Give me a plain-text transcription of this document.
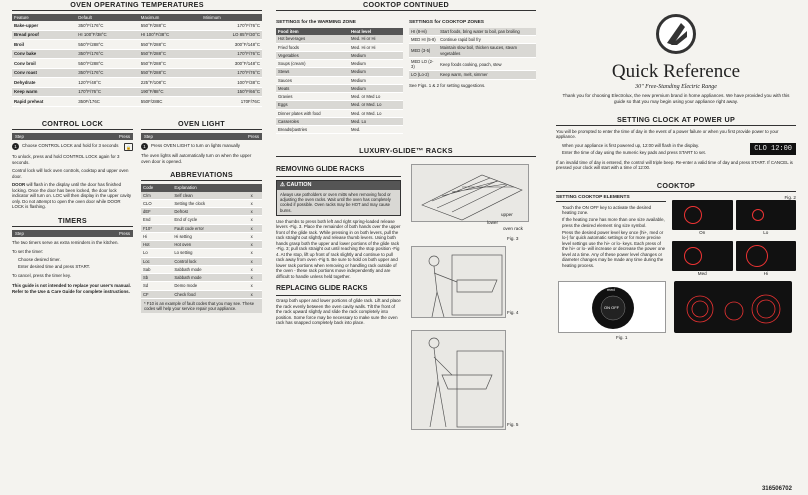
OVEN OPERATING TEMPERATURES
Feature	Default	Maximum	Minimum
Bake-upper	350°F/176°C	550°F/288°C	170°F/76°C
Bread proof	HI 100°F/38°C	HI 100°F/38°C	LO 85°F/30°C
Broil	550°F/288°C	550°F/288°C	300°F/148°C
Conv bake	350°F/176°C	550°F/288°C	170°F/76°C
Conv broil	550°F/288°C	550°F/288°C	300°F/148°C
Conv roast	350°F/176°C	550°F/288°C	170°F/76°C
Dehydrate	120°F/48°C	225°F/108°C	100°F/38°C
Keep warm	170°F/76°C	190°F/88°C	150°F/66°C
Rapid preheat	350F/176C	550F/288C	170F/76C
CONTROL LOCK
Step	Press
1	Choose CONTROL LOCK and hold for 3 seconds	🔒

To unlock, press and hold CONTROL LOCK again for 3 seconds.

Control lock will lock oven controls, cooktop and upper oven door.

DOOR will flash in the display until the door has finished locking. Once the door has been locked, the door lock indicator will turn on. LOC will then display in the upper cavity only. Do not attempt to open the oven door while DOOR LOCK is flashing.

TIMERS
Step	Press

The two timers serve as extra reminders in the kitchen.

To set the timer:

• Choose desired timer.
• Enter desired time and press START.

To cancel, press the timer key.

This guide is not intended to replace your user's manual. Refer to the Use & Care Guide for complete instructions.

OVEN LIGHT
Step	Press
1	Press OVEN LIGHT to turn on lights manually

The oven lights will automatically turn on when the upper oven door is opened.

ABBREVIATIONS
Code	Explanation	
C/m	Self clean	x
CLO	Setting the clock	x
dEF	Defrost	x
End	End of cycle	x
F10*	Fault code error	x
Hi	Hi setting	x
Hot	Hot oven	x
Lo	Lo setting	x
Loc	Control lock	x
Sab	Sabbath mode	x
Sb	Sabbath mode	x
Sd	Demo mode	x
CF	Check food	x
* F10 is an example of fault codes that you may see. These codes will help your service repair your appliance.
COOKTOP CONTINUED
SETTINGS for the WARMING ZONE
Food item	Heat level
Hot beverages	Med. Hi or Hi
Fried foods	Med. Hi or Hi
Vegetables	Medium
Soups (cream)	Medium
Stews	Medium
Sauces	Medium
Meats	Medium
Gravies	Med. or Med Lo
Eggs	Med. or Med. Lo
Dinner plates with food	Med. or Med. Lo
Casseroles	Med. Lo
Breads/pastries	Med.
SETTINGS for COOKTOP ZONES
HI (8-Hi)	Start foods, bring water to boil, pan broiling
MED HI (5-8)	Continue rapid boil fry
MED (3-5)	Maintain slow boil, thicken sauces, steam vegetables
MED LO (2-3)	Keep foods cooking, poach, stew
LO (Lo-2)	Keep warm, melt, simmer

See Figs. 1 & 2 for setting suggestions.

LUXURY-GLIDE™ RACKS
REMOVING GLIDE RACKS
⚠ CAUTION
Always use potholders or oven mitts when removing food or adjusting the oven racks. Wait until the oven has completely cooled if possible. Oven racks may be HOT and may cause burns.

Use thumbs to press both left and right spring-loaded release levers -Fig. 3. Place the remainder of both hands over the upper front of the glide rack. While pressing in on both levers, pull the rack straight out slightly and release thumb levers. Using both hands grasp both the upper and lower portions of the glide rack -Fig. 3; pull rack straight out until reaching the stop position -Fig 4. At the stop, lift up front of rack slightly and continue to pull rack away from oven -Fig 5. Be sure to hold on both upper and lower rack portions when removing or handling rack outside of the oven - these rack portions move independently and are difficult to handle unless held together.

REPLACING GLIDE RACKS

Grasp both upper and lower portions of glide rack. Lift and place the rack evenly between the oven cavity walls. Tilt the front of the rack upward slightly and slide the rack completely into position. Some force may be necessary to make sure the oven rack has snapped completely back into place.

upper
lower
oven rack
Fig. 3
Fig. 4
Fig. 5
Quick Reference
30" Free-Standing Electric Range
Thank you for choosing Electrolux, the new premium brand in home appliances. We have provided you with this guide so that you may begin using your appliance right away.
SETTING CLOCK AT POWER UP

You will be prompted to enter the time of day in the event of a power failure or when you first provide power to your appliance.

• When your appliance is first powered up, 12:00 will flash in the display.
• Enter the time of day using the numeric key pads and press START to set.	CLO 12:00

If an invalid time of day is entered, the control will triple beep. Re-enter a valid time of day and press START. If CANCEL is pressed your clock will start with a time of 12:00.

COOKTOP
SETTING COOKTOP ELEMENTS
• Touch the ON OFF key to activate the desired heating zone.
• If the heating zone has more than one size available, press the desired element ring size symbol.
• Press the desired power level key once (hi+, med or lo-) for quick automatic settings or for more precise level settings use the hi+ or lo- keys. Each press of the hi+ or lo- will increase or decrease the power one level at a time. Any of these power level changes or diameter changes may be made any time during the heating process.
Fig. 2
On	Lo
Med	Hi
med
ON OFF
lo -	hi +
Fig. 1
316506702
